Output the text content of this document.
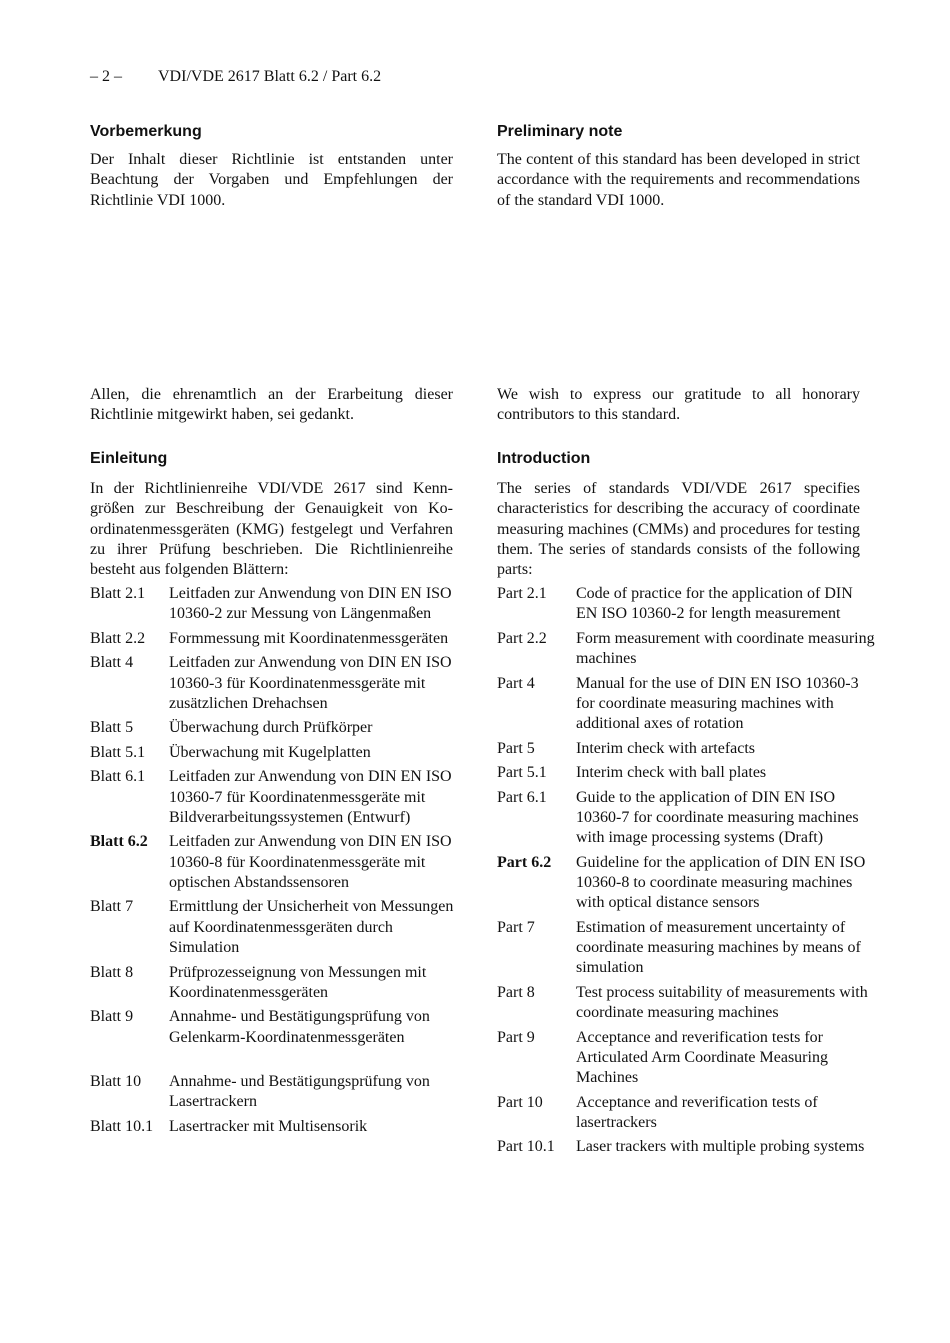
– 2 – VDI/VDE 2617 Blatt 6.2 / Part 6.2
Vorbemerkung

Der Inhalt dieser Richtlinie ist entstanden unter Beachtung der Vorgaben und Empfehlungen der Richtlinie VDI 1000.

Preliminary note

The content of this standard has been developed in strict accordance with the requirements and recommendations of the standard VDI 1000.

Allen, die ehrenamtlich an der Erarbeitung dieser Richtlinie mitgewirkt haben, sei gedankt.

We wish to express our gratitude to all honorary contributors to this standard.

Einleitung

In der Richtlinienreihe VDI/VDE 2617 sind Kenngrößen zur Beschreibung der Genauigkeit von Koordinatenmessgeräten (KMG) festgelegt und Verfahren zu ihrer Prüfung beschrieben. Die Richtlinienreihe besteht aus folgenden Blättern:

Introduction

The series of standards VDI/VDE 2617 specifies characteristics for describing the accuracy of coordinate measuring machines (CMMs) and procedures for testing them. The series of standards consists of the following parts:

Blatt 2.1	Leitfaden zur Anwendung von DIN EN ISO 10360-2 zur Messung von Längenmaßen
Blatt 2.2	Formmessung mit Koordinatenmessgeräten
Blatt 4	Leitfaden zur Anwendung von DIN EN ISO 10360-3 für Koordinatenmessgeräte mit zusätzlichen Drehachsen
Blatt 5	Überwachung durch Prüfkörper
Blatt 5.1	Überwachung mit Kugelplatten
Blatt 6.1	Leitfaden zur Anwendung von DIN EN ISO 10360-7 für Koordinatenmessgeräte mit Bildverarbeitungssystemen (Entwurf)
Blatt 6.2	Leitfaden zur Anwendung von DIN EN ISO 10360-8 für Koordinatenmessgeräte mit optischen Abstandssensoren
Blatt 7	Ermittlung der Unsicherheit von Messungen auf Koordinatenmessgeräten durch Simulation
Blatt 8	Prüfprozesseignung von Messungen mit Koordinatenmessgeräten
Blatt 9	Annahme- und Bestätigungsprüfung von Gelenkarm-Koordinatenmessgeräten
Blatt 10	Annahme- und Bestätigungsprüfung von Lasertrackern
Blatt 10.1 Lasertracker mit Multisensorik
Part 2.1	Code of practice for the application of DIN EN ISO 10360-2 for length measurement
Part 2.2	Form measurement with coordinate measuring machines
Part 4	Manual for the use of DIN EN ISO 10360-3 for coordinate measuring machines with additional axes of rotation
Part 5	Interim check with artefacts
Part 5.1	Interim check with ball plates
Part 6.1	Guide to the application of DIN EN ISO 10360-7 for coordinate measuring machines with image processing systems (Draft)
Part 6.2	Guideline for the application of DIN EN ISO 10360-8 to coordinate measuring machines with optical distance sensors
Part 7	Estimation of measurement uncertainty of coordinate measuring machines by means of simulation
Part 8	Test process suitability of measurements with coordinate measuring machines
Part 9	Acceptance and reverification tests for Articulated Arm Coordinate Measuring Machines
Part 10	Acceptance and reverification tests of lasertrackers
Part 10.1	Laser trackers with multiple probing systems
